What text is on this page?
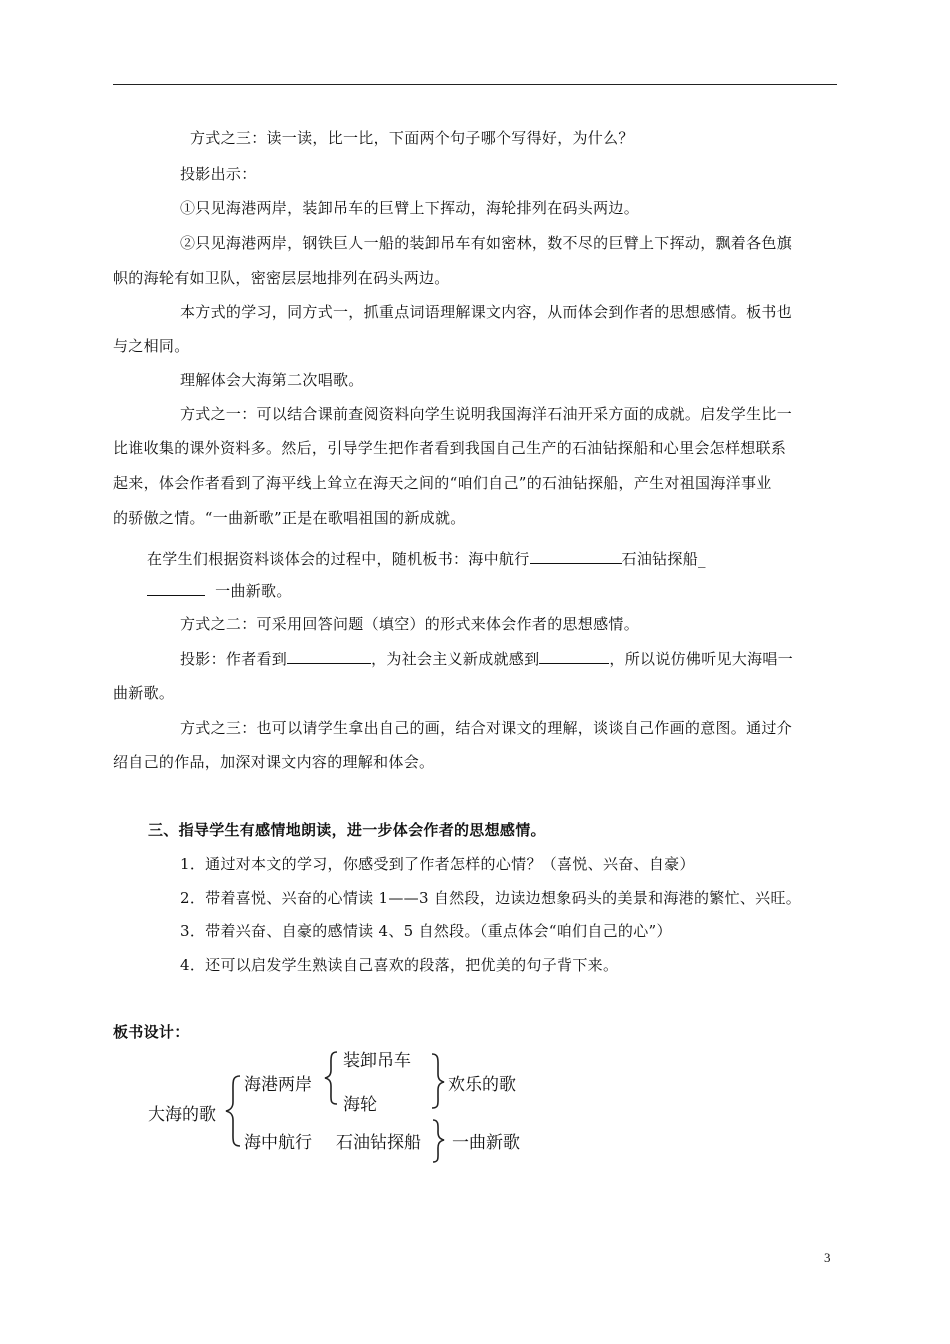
方式之三：读一读，比一比，下面两个句子哪个写得好，为什么？
投影出示：
①只见海港两岸，装卸吊车的巨臂上下挥动，海轮排列在码头两边。
②只见海港两岸，钢铁巨人一船的装卸吊车有如密林，数不尽的巨臂上下挥动，飘着各色旗
帜的海轮有如卫队，密密层层地排列在码头两边。
本方式的学习，同方式一，抓重点词语理解课文内容，从而体会到作者的思想感情。板书也
与之相同。
理解体会大海第二次唱歌。
方式之一：可以结合课前查阅资料向学生说明我国海洋石油开采方面的成就。启发学生比一
比谁收集的课外资料多。然后，引导学生把作者看到我国自己生产的石油钻探船和心里会怎样想联系
起来，体会作者看到了海平线上耸立在海天之间的“咱们自己”的石油钻探船，产生对祖国海洋事业
的骄傲之情。“一曲新歌”正是在歌唱祖国的新成就。
在学生们根据资料谈体会的过程中，随机板书：海中航行	石油钻探船_
一曲新歌。
方式之二：可采用回答问题（填空）的形式来体会作者的思想感情。
投影：作者看到	，为社会主义新成就感到	，所以说仿佛听见大海唱一
曲新歌。
方式之三：也可以请学生拿出自己的画，结合对课文的理解，谈谈自己作画的意图。通过介
绍自己的作品，加深对课文内容的理解和体会。
三、指导学生有感情地朗读，进一步体会作者的思想感情。
1．通过对本文的学习，你感受到了作者怎样的心情？（喜悦、兴奋、自豪）
2．带着喜悦、兴奋的心情读 1——3 自然段，边读边想象码头的美景和海港的繁忙、兴旺。
3．带着兴奋、自豪的感情读 4、5 自然段。（重点体会“咱们自己的心”）
4．还可以启发学生熟读自己喜欢的段落，把优美的句子背下来。
板书设计：
大海的歌
海港两岸
装卸吊车
海轮
欢乐的歌
海中航行 石油钻探船 一曲新歌
3
